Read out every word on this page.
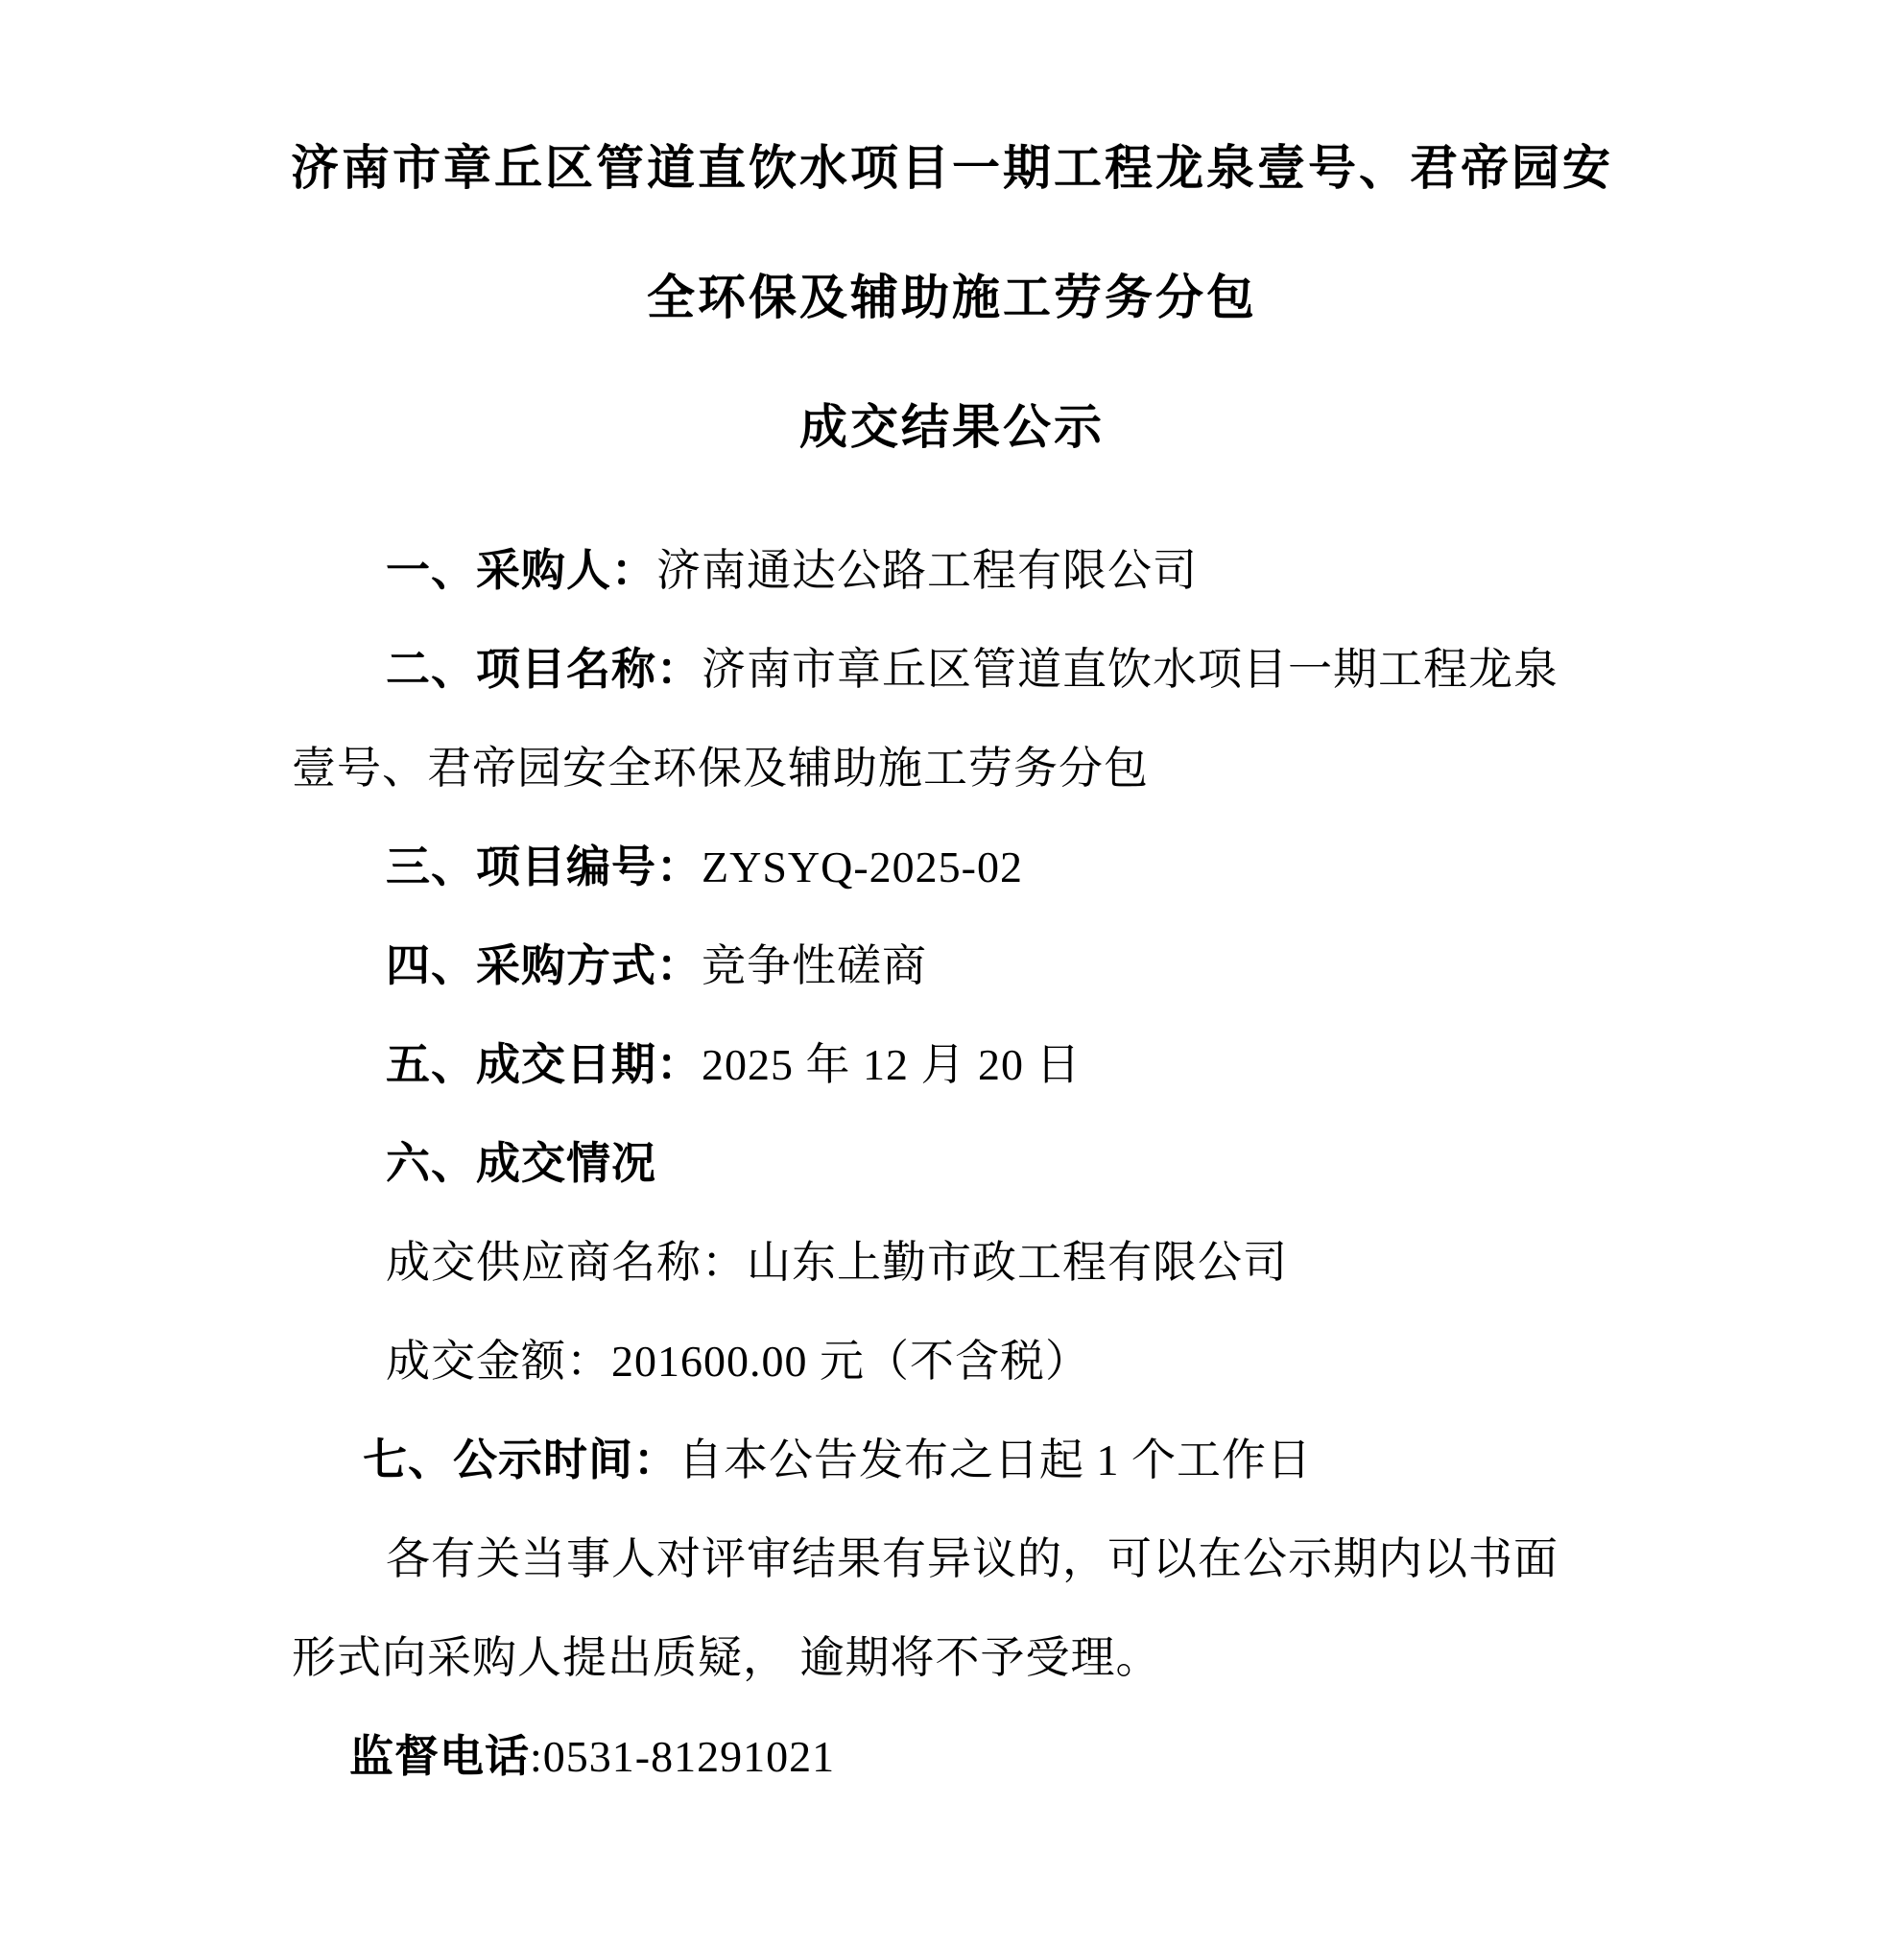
济南市章丘区管道直饮水项目一期工程龙泉壹号、君帝园安
全环保及辅助施工劳务分包
成交结果公示

一、采购人：济南通达公路工程有限公司

二、项目名称：济南市章丘区管道直饮水项目一期工程龙泉

壹号、君帝园安全环保及辅助施工劳务分包

三、项目编号：ZYSYQ-2025-02

四、采购方式：竞争性磋商

五、成交日期：2025 年 12 月 20 日

六、成交情况

成交供应商名称：山东上勤市政工程有限公司

成交金额：201600.00 元（不含税）

七、公示时间：自本公告发布之日起 1 个工作日

各有关当事人对评审结果有异议的，可以在公示期内以书面

形式向采购人提出质疑， 逾期将不予受理。

监督电话:0531-81291021
